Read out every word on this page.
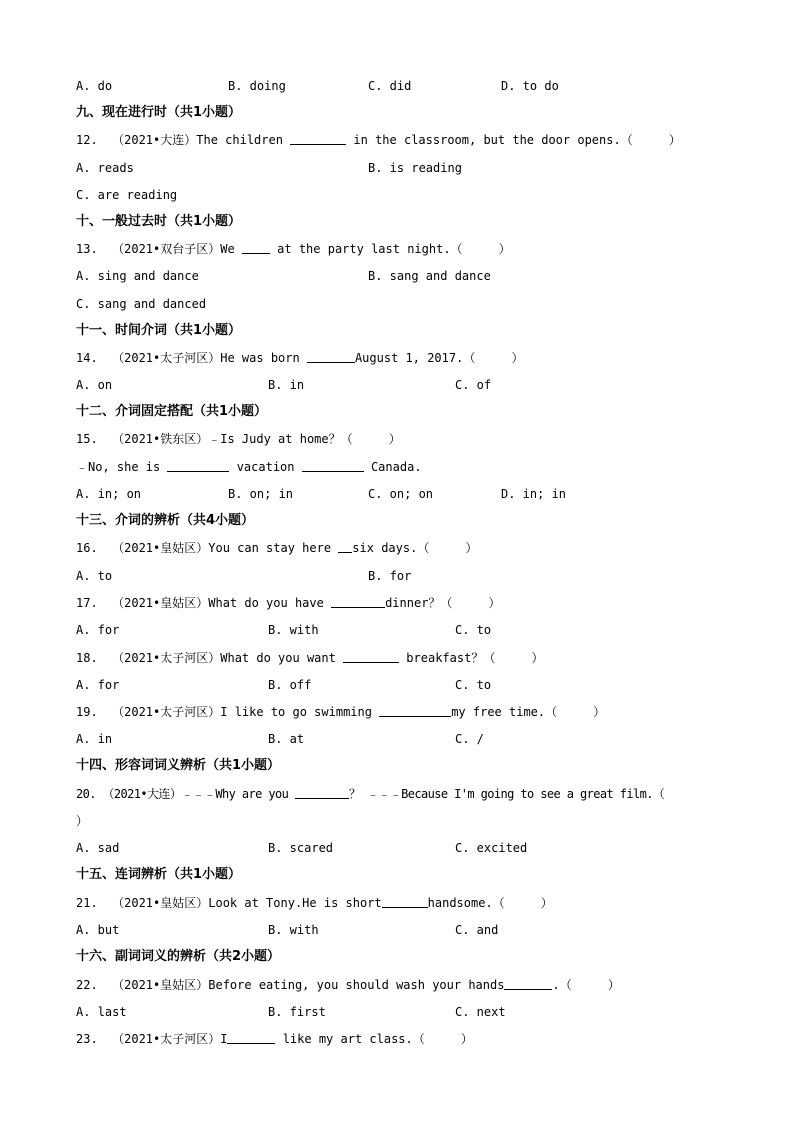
A. do

	B. doing

	C. did

	D. to do

九、现在进行时（共1小题）
12.  （2021•大连）The children	in the classroom, but the door opens.（     ）

A. reads

	B. is reading

C. are reading
十、一般过去时（共1小题）
13.  （2021•双台子区）We  at the party last night.（     ）

A. sing and dance

	B. sang and dance

C. sang and danced
十一、时间介词（共1小题）
14.  （2021•太子河区）He was born	August 1, 2017.（     ）

A. on

	B. in

	C. of

十二、介词固定搭配（共1小题）
15.  （2021•铁东区）﹣Is Judy at home？（     ）
﹣No, she is	vacation	Canada.

A. in; on

	B. on; in

	C. on; on

	D. in; in

十三、介词的辨析（共4小题）
16.  （2021•皇姑区）You can stay here six days.（     ）

A. to

	B. for

17.  （2021•皇姑区）What do you have	dinner？（     ）

A. for

	B. with

	C. to

18.  （2021•太子河区）What do you want	breakfast？（     ）

A. for

	B. off

	C. to

19.  （2021•太子河区）I like to go swimming	my free time.（     ）

A. in

	B. at

	C. /

十四、形容词词义辨析（共1小题）
20. （2021•大连）﹣﹣﹣Why are you	？ ﹣﹣﹣Because I'm going to see a great film.（
）

A. sad

	B. scared

	C. excited

十五、连词辨析（共1小题）
21.  （2021•皇姑区）Look at Tony.He is short	handsome.（     ）

A. but

	B. with

	C. and

十六、副词词义的辨析（共2小题）
22.  （2021•皇姑区）Before eating, you should wash your hands	.（     ）

A. last

	B. first

	C. next

23.  （2021•太子河区）I	like my art class.（     ）
